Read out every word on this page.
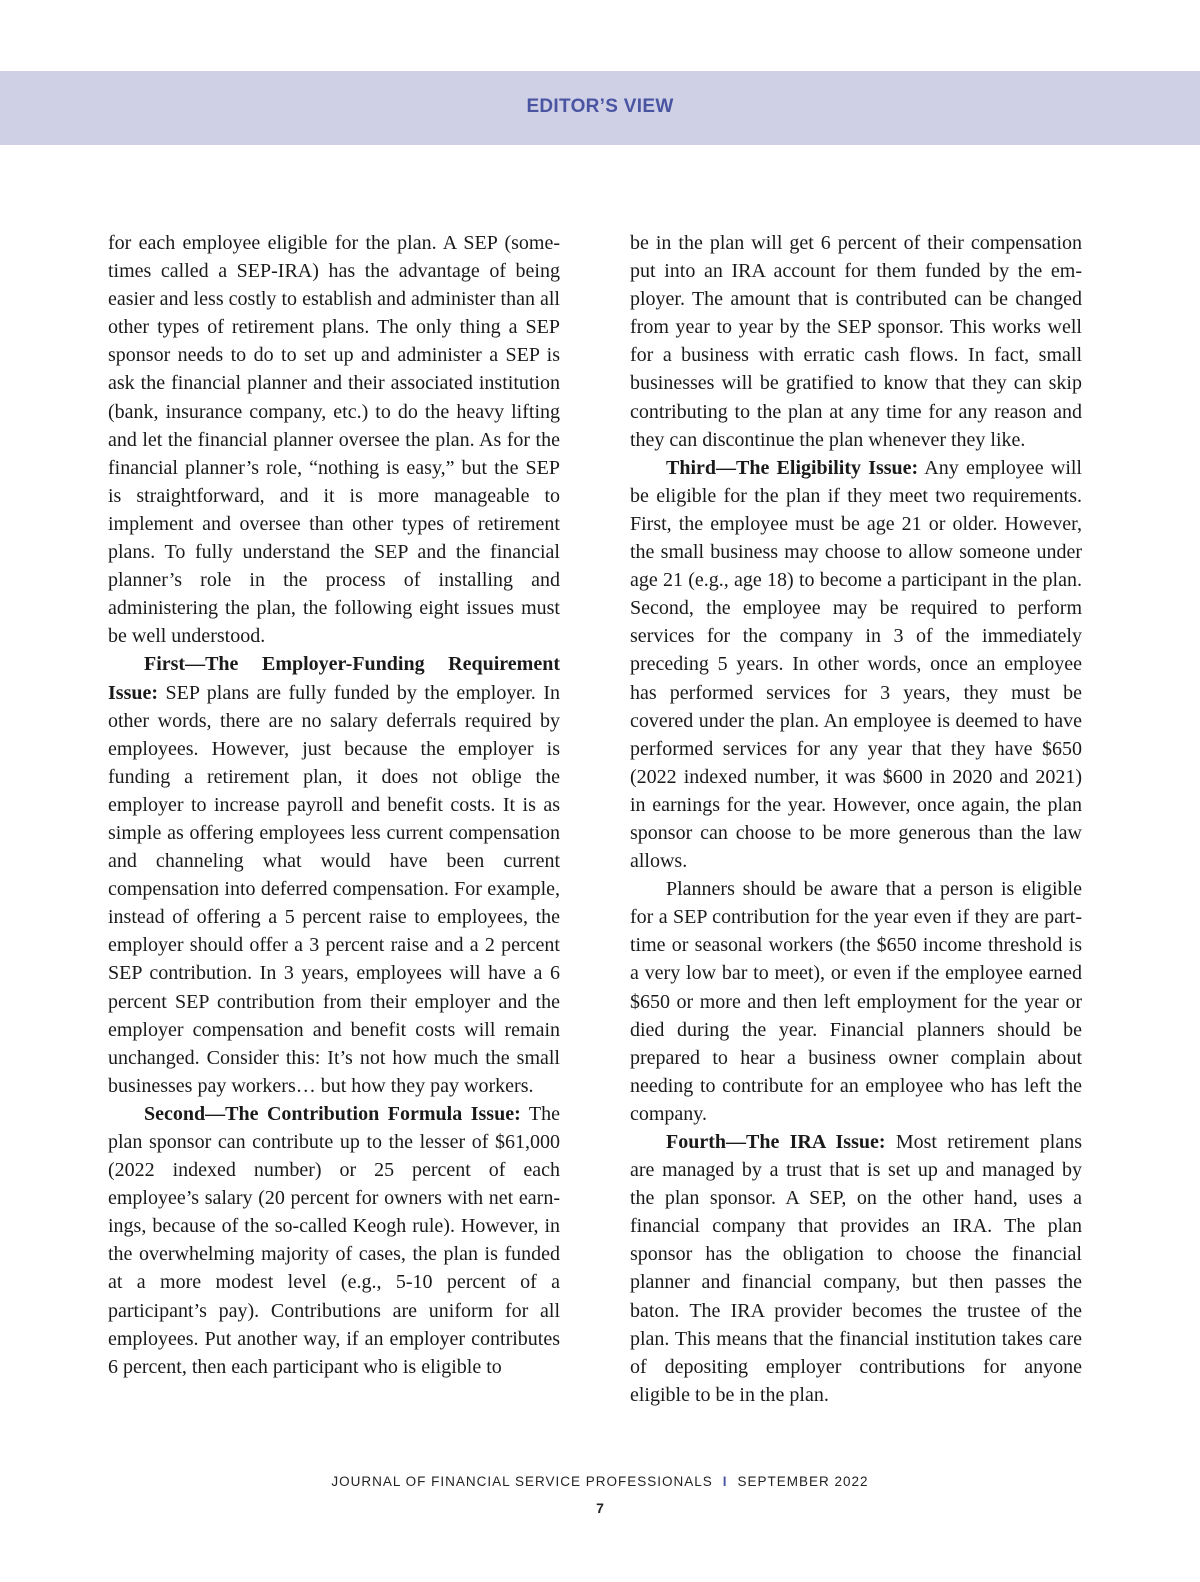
EDITOR’S VIEW

for each employee eligible for the plan. A SEP (sometimes called a SEP-IRA) has the advantage of being easier and less costly to establish and administer than all other types of retirement plans. The only thing a SEP sponsor needs to do to set up and administer a SEP is ask the financial planner and their associated institution (bank, insurance company, etc.) to do the heavy lifting and let the financial planner oversee the plan. As for the financial planner’s role, “nothing is easy,” but the SEP is straightforward, and it is more manageable to implement and oversee than other types of retirement plans. To fully understand the SEP and the financial planner’s role in the process of installing and administering the plan, the following eight issues must be well understood.

First—The Employer-Funding Requirement Issue: SEP plans are fully funded by the employer. In other words, there are no salary deferrals required by employees. However, just because the employer is funding a retirement plan, it does not oblige the employer to increase payroll and benefit costs. It is as simple as offering employees less current compensation and channeling what would have been current compensation into deferred compensation. For example, instead of offering a 5 percent raise to employees, the employer should offer a 3 percent raise and a 2 percent SEP contribution. In 3 years, employees will have a 6 percent SEP contribution from their employer and the employer compensation and benefit costs will remain unchanged. Consider this: It’s not how much the small businesses pay workers… but how they pay workers.

Second—The Contribution Formula Issue: The plan sponsor can contribute up to the lesser of $61,000 (2022 indexed number) or 25 percent of each employee’s salary (20 percent for owners with net earnings, because of the so-called Keogh rule). However, in the overwhelming majority of cases, the plan is funded at a more modest level (e.g., 5-10 percent of a participant’s pay). Contributions are uniform for all employees. Put another way, if an employer contributes 6 percent, then each participant who is eligible to

be in the plan will get 6 percent of their compensation put into an IRA account for them funded by the employer. The amount that is contributed can be changed from year to year by the SEP sponsor. This works well for a business with erratic cash flows. In fact, small businesses will be gratified to know that they can skip contributing to the plan at any time for any reason and they can discontinue the plan whenever they like.

Third—The Eligibility Issue: Any employee will be eligible for the plan if they meet two requirements. First, the employee must be age 21 or older. However, the small business may choose to allow someone under age 21 (e.g., age 18) to become a participant in the plan. Second, the employee may be required to perform services for the company in 3 of the immediately preceding 5 years. In other words, once an employee has performed services for 3 years, they must be covered under the plan. An employee is deemed to have performed services for any year that they have $650 (2022 indexed number, it was $600 in 2020 and 2021) in earnings for the year. However, once again, the plan sponsor can choose to be more generous than the law allows.

Planners should be aware that a person is eligible for a SEP contribution for the year even if they are part-time or seasonal workers (the $650 income threshold is a very low bar to meet), or even if the employee earned $650 or more and then left employment for the year or died during the year. Financial planners should be prepared to hear a business owner complain about needing to contribute for an employee who has left the company.

Fourth—The IRA Issue: Most retirement plans are managed by a trust that is set up and managed by the plan sponsor. A SEP, on the other hand, uses a financial company that provides an IRA. The plan sponsor has the obligation to choose the financial planner and financial company, but then passes the baton. The IRA provider becomes the trustee of the plan. This means that the financial institution takes care of depositing employer contributions for anyone eligible to be in the plan.

JOURNAL OF FINANCIAL SERVICE PROFESSIONALS I SEPTEMBER 2022
7
